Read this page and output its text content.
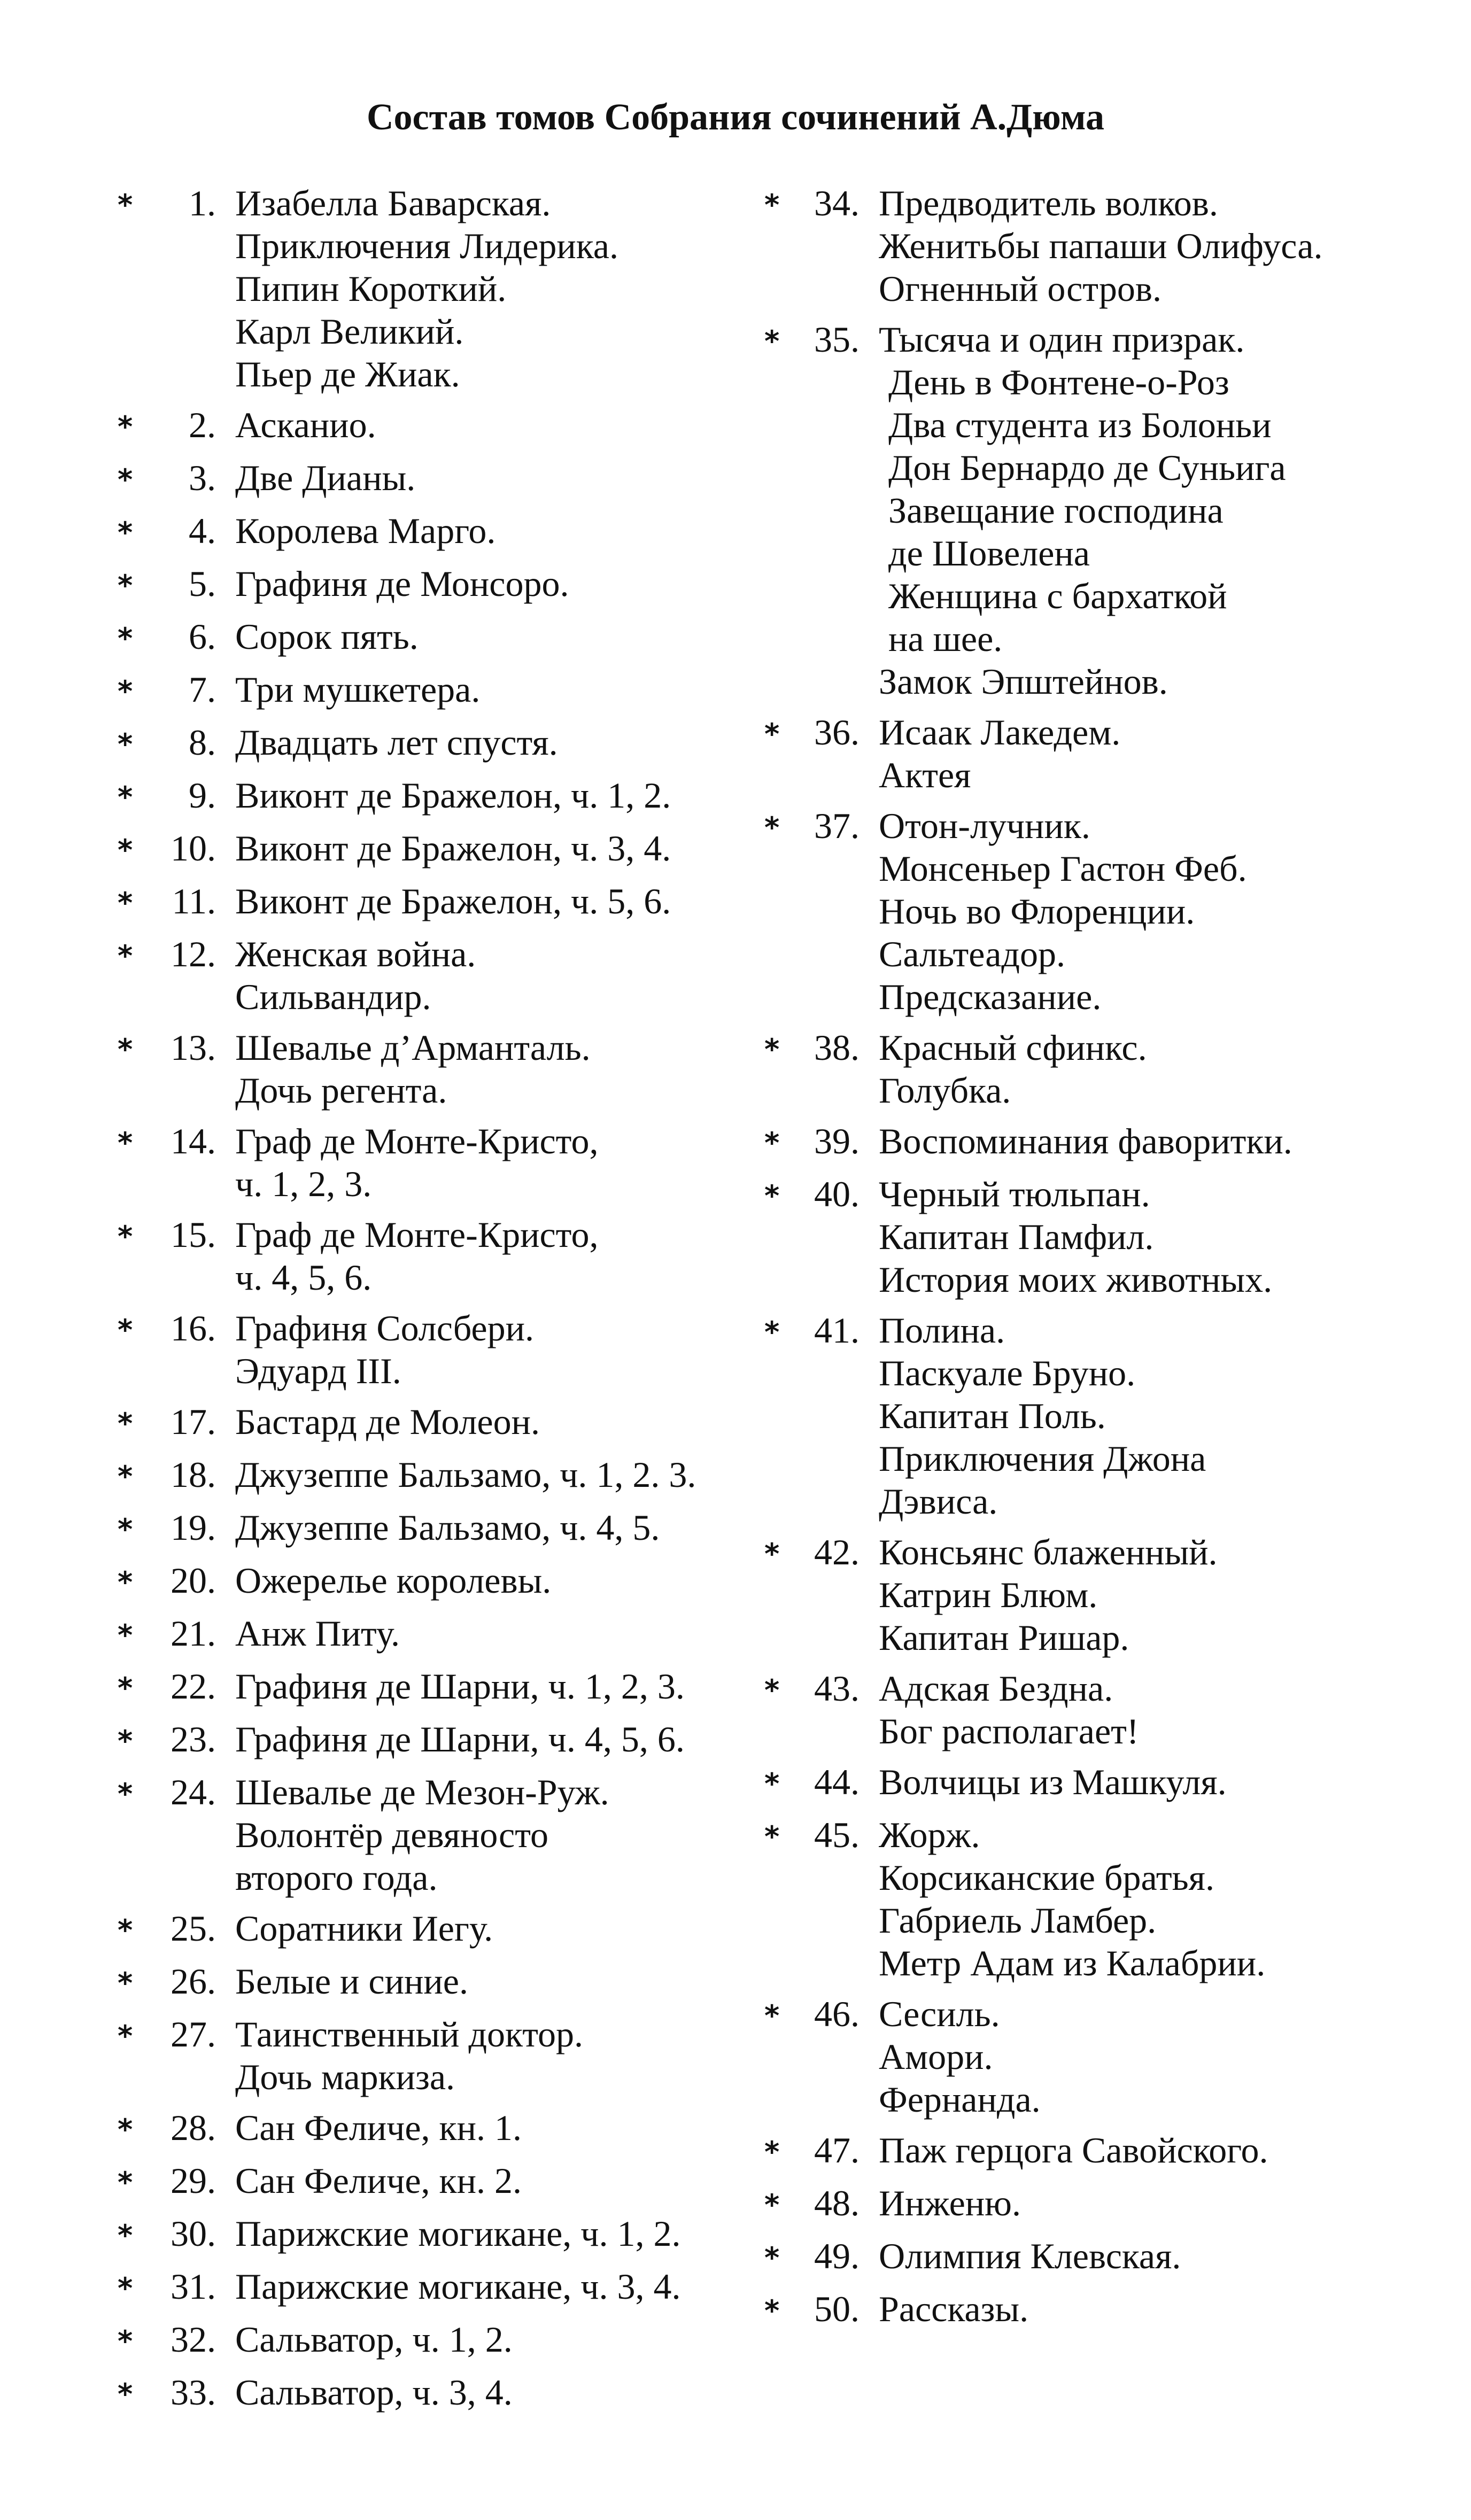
Состав томов Собрания сочинений А.Дюма
*	1. Изабелла Баварская.
Приключения Лидерика.
Пипин Короткий.
Карл Великий.
Пьер де Жиак.
*	2. Асканио.
*	3. Две Дианы.
*	4. Королева Марго.
*	5. Графиня де Монсоро.
*	6. Сорок пять.
*	7. Три мушкетера.
*	8. Двадцать лет спустя.
*	9. Виконт де Бражелон, ч. 1, 2.
*	10. Виконт де Бражелон, ч. 3, 4.
*	11. Виконт де Бражелон, ч. 5, 6.
*	12. Женская война.
Сильвандир.
*	13. Шевалье д’Арманталь.
Дочь регента.
*	14. Граф де Монте-Кристо,
ч. 1, 2, 3.
*	15. Граф де Монте-Кристо,
ч. 4, 5, 6.
*	16. Графиня Солсбери.
Эдуард III.
*	17. Бастард де Молеон.
*	18. Джузеппе Бальзамо, ч. 1, 2. 3.
*	19. Джузеппе Бальзамо, ч. 4, 5.
*	20. Ожерелье королевы.
*	21. Анж Питу.
*	22. Графиня де Шарни, ч. 1, 2, 3.
*	23. Графиня де Шарни, ч. 4, 5, 6.
*	24. Шевалье де Мезон-Руж.
Волонтёр девяносто
второго года.
*	25. Соратники Иегу.
*	26. Белые и синие.
*	27. Таинственный доктор.
Дочь маркиза.
*	28. Сан Феличе, кн. 1.
*	29. Сан Феличе, кн. 2.
*	30. Парижские могикане, ч. 1, 2.
*	31. Парижские могикане, ч. 3, 4.
*	32. Сальватор, ч. 1, 2.
*	33. Сальватор, ч. 3, 4.
* 34. Предводитель волков.
Женитьбы папаши Олифуса.
Огненный остров.
* 35. Тысяча и один призрак.
День в Фонтене-о-Роз
Два студента из Болоньи
Дон Бернардо де Суньига
Завещание господина
де Шовелена
Женщина с бархаткой
на шее.
Замок Эпштейнов.
* 36. Исаак Лакедем.
Актея
* 37. Отон-лучник.
Монсеньер Гастон Феб.
Ночь во Флоренции.
Сальтеадор.
Предсказание.
* 38. Красный сфинкс.
Голубка.
* 39. Воспоминания фаворитки.
* 40. Черный тюльпан.
Капитан Памфил.
История моих животных.
* 41. Полина.
Паскуале Бруно.
Капитан Поль.
Приключения Джона
Дэвиса.
* 42. Консьянс блаженный.
Катрин Блюм.
Капитан Ришар.
* 43. Адская Бездна.
Бог располагает!
* 44. Волчицы из Машкуля.
* 45. Жорж.
Корсиканские братья.
Габриель Ламбер.
Метр Адам из Калабрии.
* 46. Сесиль.
Амори.
Фернанда.
* 47. Паж герцога Савойского.
* 48. Инженю.
* 49. Олимпия Клевская.
* 50. Рассказы.
